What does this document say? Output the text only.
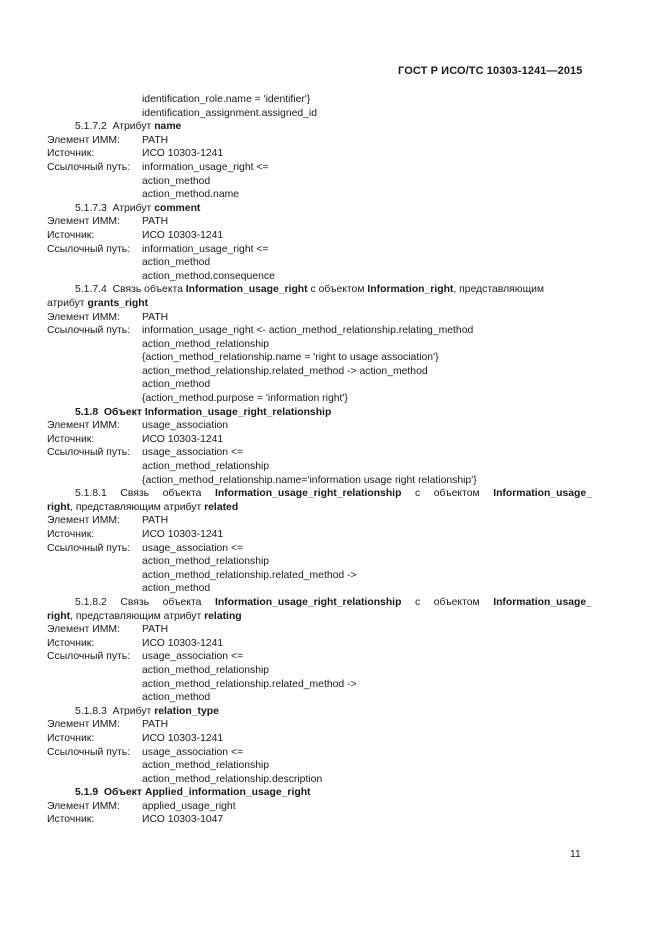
ГОСТ Р ИСО/ТС 10303-1241—2015
identification_role.name = 'identifier'}
identification_assignment.assigned_id
5.1.7.2 Атрибут name
Элемент ИММ: PATH
Источник:	ИСО 10303-1241
Ссылочный путь: information_usage_right <=
action_method
action_method.name
5.1.7.3 Атрибут comment
Элемент ИММ: PATH
Источник:	ИСО 10303-1241
Ссылочный путь: information_usage_right <=
action_method
action_method.consequence
5.1.7.4 Связь объекта Information_usage_right с объектом Information_right, представляющим
атрибут grants_right
Элемент ИММ: PATH
Ссылочный путь: information_usage_right <- action_method_relationship.relating_method
action_method_relationship
{action_method_relationship.name = 'right to usage association'}
action_method_relationship.related_method -> action_method
action_method
{action_method.purpose = 'information right'}
5.1.8 Объект Information_usage_right_relationship
Элемент ИММ: usage_association
Источник:	ИСО 10303-1241
Ссылочный путь: usage_association <=
action_method_relationship
{action_method_relationship.name='information usage right relationship'}
5.1.8.1 Связь объекта Information_usage_right_relationship с объектом Information_usage_
right, представляющим атрибут related
Элемент ИММ: PATH
Источник:	ИСО 10303-1241
Ссылочный путь: usage_association <=
action_method_relationship
action_method_relationship.related_method ->
action_method
5.1.8.2 Связь объекта Information_usage_right_relationship с объектом Information_usage_
right, представляющим атрибут relating
Элемент ИММ: PATH
Источник:	ИСО 10303-1241
Ссылочный путь: usage_association <=
action_method_relationship
action_method_relationship.related_method ->
action_method
5.1.8.3 Атрибут relation_type
Элемент ИММ: PATH
Источник:	ИСО 10303-1241
Ссылочный путь: usage_association <=
action_method_relationship
action_method_relationship.description
5.1.9 Объект Applied_information_usage_right
Элемент ИММ: applied_usage_right
Источник:	ИСО 10303-1047
11
